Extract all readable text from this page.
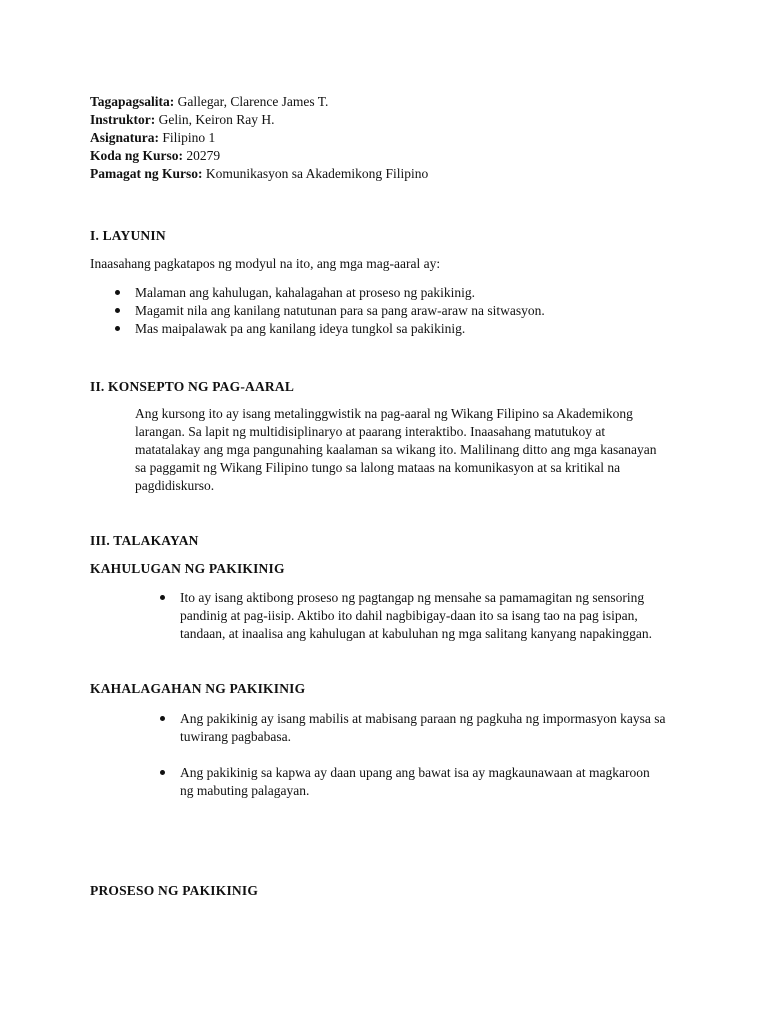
Tagapagsalita: Gallegar, Clarence James T.
Instruktor: Gelin, Keiron Ray H.
Asignatura: Filipino 1
Koda ng Kurso: 20279
Pamagat ng Kurso: Komunikasyon sa Akademikong Filipino
I. LAYUNIN
Inaasahang pagkatapos ng modyul na ito, ang mga mag-aaral ay:
Malaman ang kahulugan, kahalagahan at proseso ng pakikinig.
Magamit nila ang kanilang natutunan para sa pang araw-araw na sitwasyon.
Mas maipalawak pa ang kanilang ideya tungkol sa pakikinig.
II. KONSEPTO NG PAG-AARAL
Ang kursong ito ay isang metalinggwistik na pag-aaral ng Wikang Filipino sa Akademikong
larangan. Sa lapit ng multidisiplinaryo at paarang interaktibo. Inaasahang matutukoy at
matatalakay ang mga pangunahing kaalaman sa wikang ito. Malilinang ditto ang mga kasanayan
sa paggamit ng Wikang Filipino tungo sa lalong mataas na komunikasyon at sa kritikal na
pagdidiskurso.
III. TALAKAYAN
KAHULUGAN NG PAKIKINIG
Ito ay isang aktibong proseso ng pagtangap ng mensahe sa pamamagitan ng sensoring
pandinig at pag-iisip. Aktibo ito dahil nagbibigay-daan ito sa isang tao na pag isipan,
tandaan, at inaalisa ang kahulugan at kabuluhan ng mga salitang kanyang napakinggan.
KAHALAGAHAN NG PAKIKINIG
Ang pakikinig ay isang mabilis at mabisang paraan ng pagkuha ng impormasyon kaysa sa
tuwirang pagbabasa.
Ang pakikinig sa kapwa ay daan upang ang bawat isa ay magkaunawaan at magkaroon
ng mabuting palagayan.
PROSESO NG PAKIKINIG
